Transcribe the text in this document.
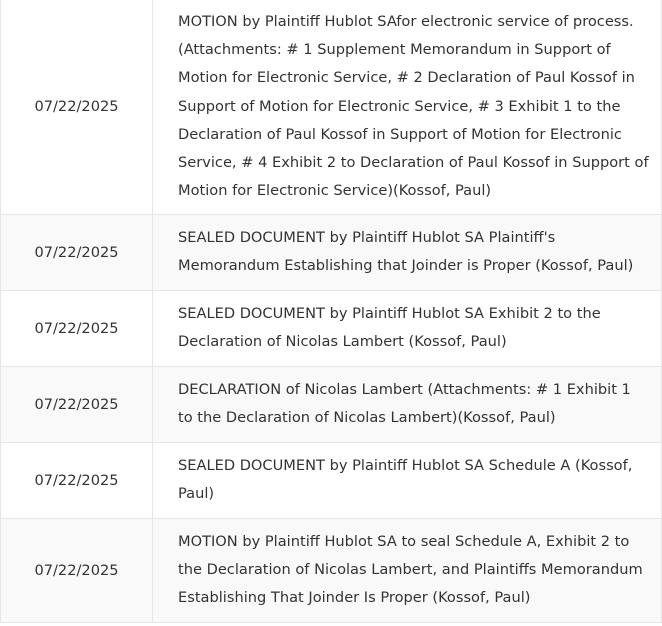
07/22/2025	MOTION by Plaintiff Hublot SAfor electronic service of process. (Attachments: # 1 Supplement Memorandum in Support of Motion for Electronic Service, # 2 Declaration of Paul Kossof in Support of Motion for Electronic Service, # 3 Exhibit 1 to the Declaration of Paul Kossof in Support of Motion for Electronic Service, # 4 Exhibit 2 to Declaration of Paul Kossof in Support of Motion for Electronic Service)(Kossof, Paul)
07/22/2025	SEALED DOCUMENT by Plaintiff Hublot SA Plaintiff's Memorandum Establishing that Joinder is Proper (Kossof, Paul)
07/22/2025	SEALED DOCUMENT by Plaintiff Hublot SA Exhibit 2 to the Declaration of Nicolas Lambert (Kossof, Paul)
07/22/2025	DECLARATION of Nicolas Lambert (Attachments: # 1 Exhibit 1 to the Declaration of Nicolas Lambert)(Kossof, Paul)
07/22/2025	SEALED DOCUMENT by Plaintiff Hublot SA Schedule A (Kossof, Paul)
07/22/2025	MOTION by Plaintiff Hublot SA to seal Schedule A, Exhibit 2 to the Declaration of Nicolas Lambert, and Plaintiffs Memorandum Establishing That Joinder Is Proper (Kossof, Paul)
